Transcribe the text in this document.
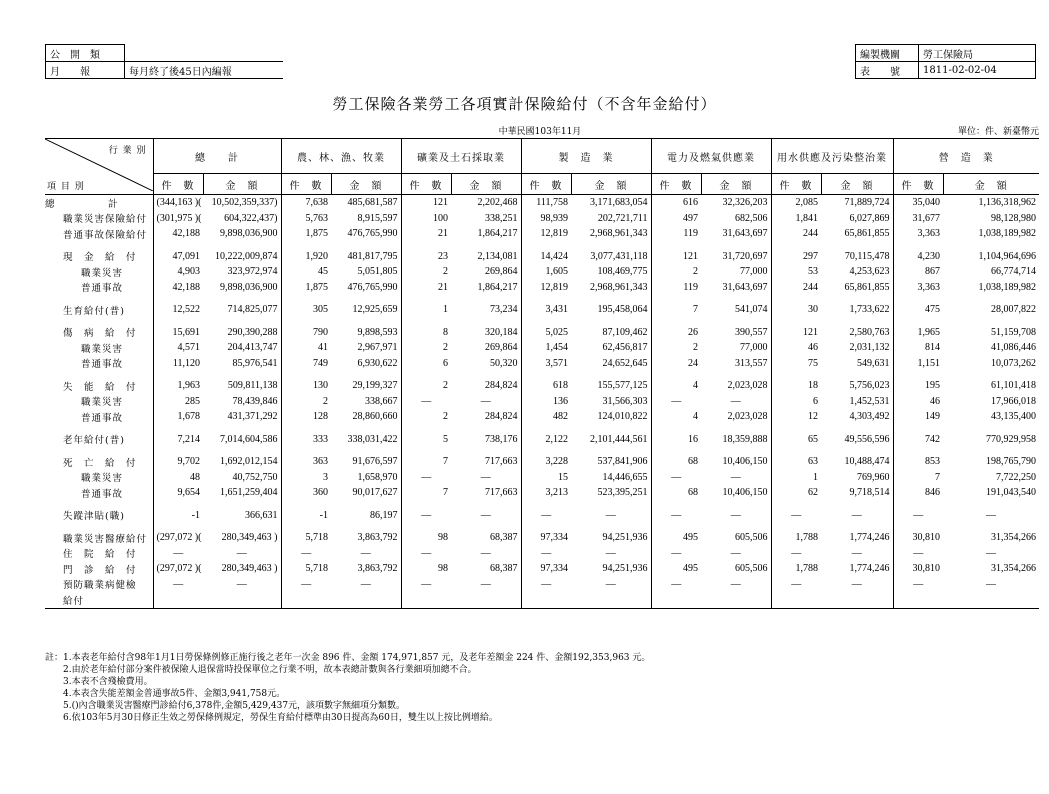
公　開　類	
月　　報	每月終了後45日內編報
編製機關	勞工保險局
表　　號	1811-02-02-04
勞工保險各業勞工各項實計保險給付（不含年金給付）
中華民國103年11月	單位：件、新臺幣元
行 業 別
項 目 別	總　　計		農、林、漁、牧業		礦業及土石採取業		製　造　業		電力及燃氣供應業		用水供應及污染整治業		營　造　業	
	件　數	金　額	件　數	金　額	件　數	金　額	件　數	金　額	件　數	金　額	件　數	金　額	件　數	金　額
總　　　　　計	(344,163 )(	10,502,359,337)	7,638	485,681,587	121	2,202,468	111,758	3,171,683,054	616	32,326,203	2,085	71,889,724	35,040	1,136,318,962
職業災害保險給付	(301,975 )(	604,322,437)	5,763	8,915,597	100	338,251	98,939	202,721,711	497	682,506	1,841	6,027,869	31,677	98,128,980
普通事故保險給付	42,188	9,898,036,900	1,875	476,765,990	21	1,864,217	12,819	2,968,961,343	119	31,643,697	244	65,861,855	3,363	1,038,189,982

現　金　給　付	47,091	10,222,009,874	1,920	481,817,795	23	2,134,081	14,424	3,077,431,118	121	31,720,697	297	70,115,478	4,230	1,104,964,696
職業災害	4,903	323,972,974	45	5,051,805	2	269,864	1,605	108,469,775	2	77,000	53	4,253,623	867	66,774,714
普通事故	42,188	9,898,036,900	1,875	476,765,990	21	1,864,217	12,819	2,968,961,343	119	31,643,697	244	65,861,855	3,363	1,038,189,982

生育給付(普)	12,522	714,825,077	305	12,925,659	1	73,234	3,431	195,458,064	7	541,074	30	1,733,622	475	28,007,822

傷　病　給　付	15,691	290,390,288	790	9,898,593	8	320,184	5,025	87,109,462	26	390,557	121	2,580,763	1,965	51,159,708
職業災害	4,571	204,413,747	41	2,967,971	2	269,864	1,454	62,456,817	2	77,000	46	2,031,132	814	41,086,446
普通事故	11,120	85,976,541	749	6,930,622	6	50,320	3,571	24,652,645	24	313,557	75	549,631	1,151	10,073,262

失　能　給　付	1,963	509,811,138	130	29,199,327	2	284,824	618	155,577,125	4	2,023,028	18	5,756,023	195	61,101,418
職業災害	285	78,439,846	2	338,667	—	—	136	31,566,303	—	—	6	1,452,531	46	17,966,018
普通事故	1,678	431,371,292	128	28,860,660	2	284,824	482	124,010,822	4	2,023,028	12	4,303,492	149	43,135,400

老年給付(普)	7,214	7,014,604,586	333	338,031,422	5	738,176	2,122	2,101,444,561	16	18,359,888	65	49,556,596	742	770,929,958

死　亡　給　付	9,702	1,692,012,154	363	91,676,597	7	717,663	3,228	537,841,906	68	10,406,150	63	10,488,474	853	198,765,790
職業災害	48	40,752,750	3	1,658,970	—	—	15	14,446,655	—	—	1	769,960	7	7,722,250
普通事故	9,654	1,651,259,404	360	90,017,627	7	717,663	3,213	523,395,251	68	10,406,150	62	9,718,514	846	191,043,540

失蹤津貼(職)	-1	366,631	-1	86,197	—	—	—	—	—	—	—	—	—	—

職業災害醫療給付	(297,072 )(	280,349,463 )	5,718	3,863,792	98	68,387	97,334	94,251,936	495	605,506	1,788	1,774,246	30,810	31,354,266
住　院　給　付	—	—	—	—	—	—	—	—	—	—	—	—	—	—
門　診　給　付	(297,072 )(	280,349,463 )	5,718	3,863,792	98	68,387	97,334	94,251,936	495	605,506	1,788	1,774,246	30,810	31,354,266
預防職業病健檢	—	—	—	—	—	—	—	—	—	—	—	—	—	—
給付														
註：1.本表老年給付含98年1月1日勞保條例修正施行後之老年一次金 896 件、金額 174,971,857 元，及老年差額金 224 件、金額192,353,963 元。
　　2.由於老年給付部分案件被保險人退保當時投保單位之行業不明，故本表總計數與各行業細項加總不合。
　　3.本表不含殘檢費用。
　　4.本表含失能差額金普通事故5件、金額3,941,758元。
　　5.()內含職業災害醫療門診給付6,378件,金額5,429,437元，該項數字無細項分類數。
　　6.依103年5月30日修正生效之勞保條例規定，勞保生育給付標準由30日提高為60日，雙生以上按比例增給。
